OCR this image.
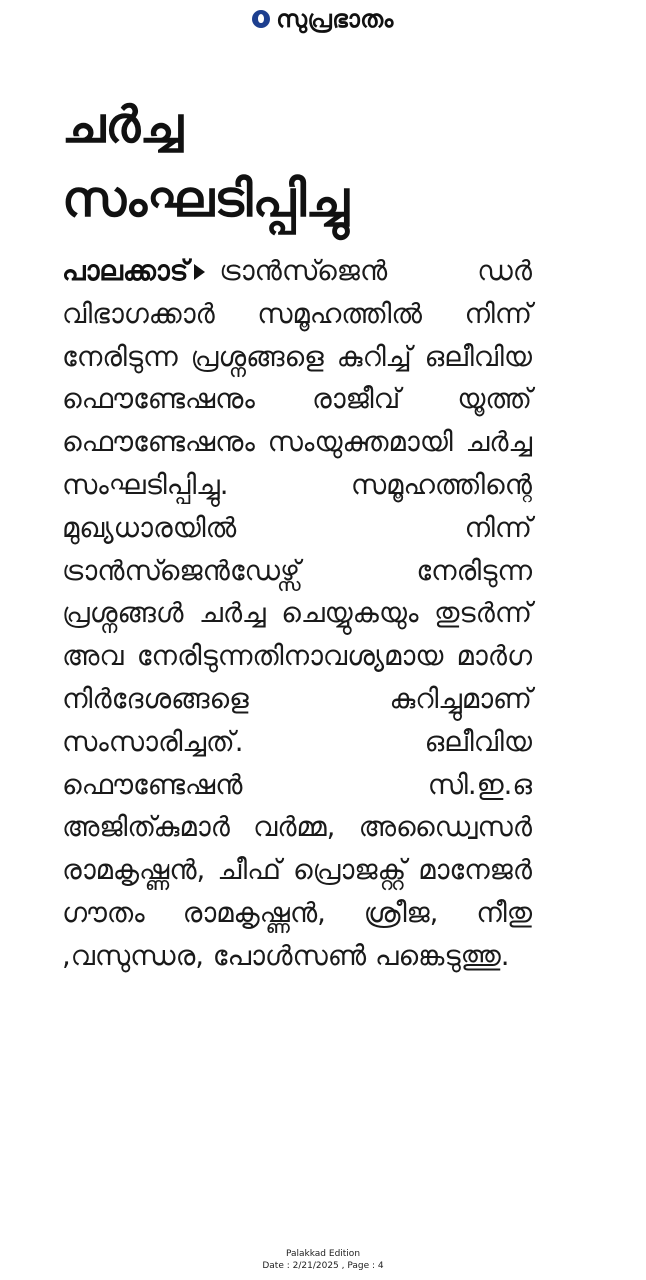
സുപ്രഭാതം
ചർച്ച
സംഘടിപ്പിച്ചു
പാലക്കാട് ട്രാൻസ്ജെൻ ഡർ വിഭാഗക്കാർ സമൂഹത്തിൽ നിന്ന് നേരിടുന്ന പ്രശ്നങ്ങളെ കുറിച്ച് ഒലീവിയ ഫൌണ്ടേഷനും രാജീവ് യൂത്ത് ഫൌണ്ടേഷനും സംയുക്തമായി ചർച്ച സംഘടിപ്പിച്ചു. സമൂഹത്തിന്റെ മുഖ്യധാരയിൽ നിന്ന് ട്രാൻസ്ജെൻഡേഴ്സ് നേരിടുന്ന പ്രശ്നങ്ങൾ ചർച്ച ചെയ്യുകയും തുടർന്ന് അവ നേരിടുന്നതിനാവശ്യമായ മാർഗ നിർദേശങ്ങളെ കുറിച്ചുമാണ് സംസാരിച്ചത്. ഒലീവിയ ഫൌണ്ടേഷൻ സി.ഇ.ഒ അജിത്കുമാർ വർമ്മ, അഡ്വൈസർ രാമകൃഷ്ണൻ, ചീഫ് പ്രൊജക്റ്റ് മാനേജർ ഗൗതം രാമകൃഷ്ണൻ, ശ്രീജ, നീതു ,വസുന്ധര, പോൾസൺ പങ്കെടുത്തു.
Palakkad Edition
Date : 2/21/2025 , Page : 4
